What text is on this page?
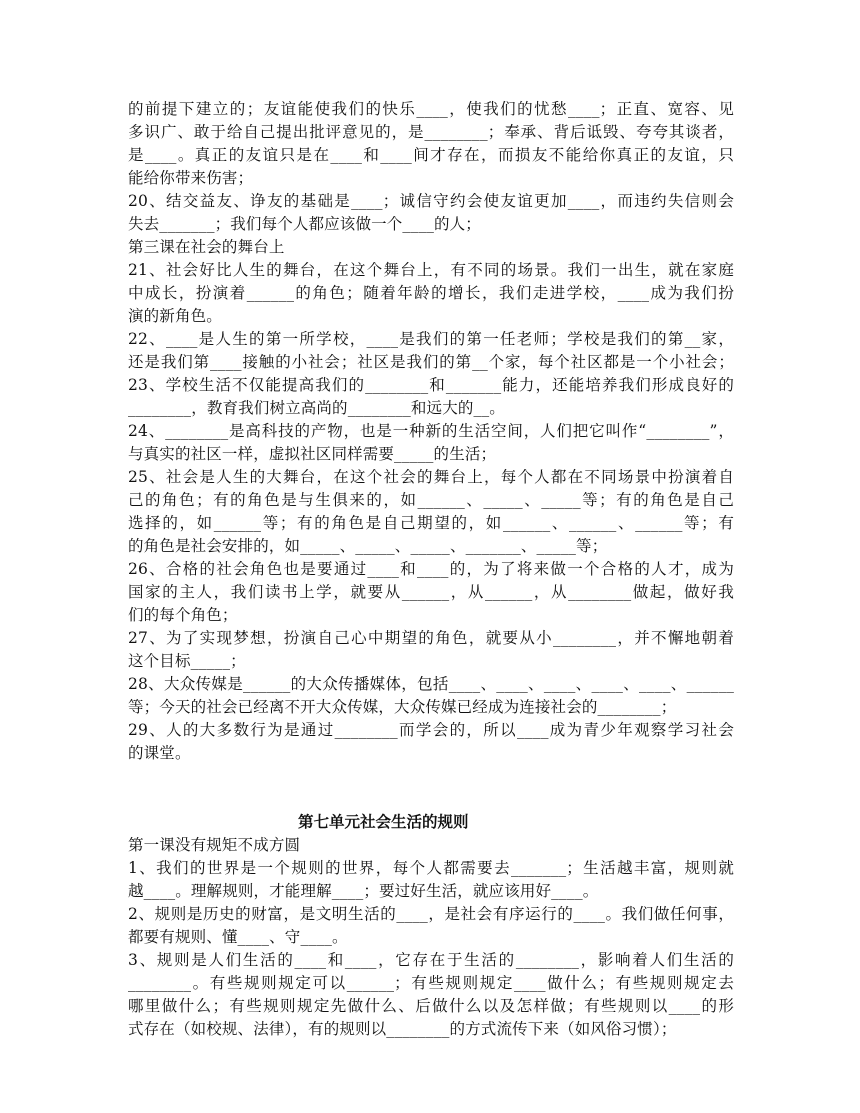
的前提下建立的；友谊能使我们的快乐____，使我们的忧愁____；正直、宽容、见
多识广、敢于给自己提出批评意见的，是________；奉承、背后诋毁、夸夸其谈者，
是____。真正的友谊只是在____和____间才存在，而损友不能给你真正的友谊，只
能给你带来伤害；
20、结交益友、诤友的基础是____；诚信守约会使友谊更加____，而违约失信则会
失去_______；我们每个人都应该做一个____的人；
第三课在社会的舞台上
21、社会好比人生的舞台，在这个舞台上，有不同的场景。我们一出生，就在家庭
中成长，扮演着______的角色；随着年龄的增长，我们走进学校，____成为我们扮
演的新角色。
22、____是人生的第一所学校，____是我们的第一任老师；学校是我们的第__家，
还是我们第____接触的小社会；社区是我们的第__个家，每个社区都是一个小社会；
23、学校生活不仅能提高我们的________和_______能力，还能培养我们形成良好的
________，教育我们树立高尚的________和远大的__。
24、________是高科技的产物，也是一种新的生活空间，人们把它叫作“________”，
与真实的社区一样，虚拟社区同样需要_____的生活；
25、社会是人生的大舞台，在这个社会的舞台上，每个人都在不同场景中扮演着自
己的角色；有的角色是与生俱来的，如______、_____、_____等；有的角色是自己
选择的，如______等；有的角色是自己期望的，如______、______、______等；有
的角色是社会安排的，如_____、_____、_____、_______、_____等；
26、合格的社会角色也是要通过____和____的，为了将来做一个合格的人才，成为
国家的主人，我们读书上学，就要从______，从______，从________做起，做好我
们的每个角色；
27、为了实现梦想，扮演自己心中期望的角色，就要从小________，并不懈地朝着
这个目标_____；
28、大众传媒是______的大众传播媒体，包括____、____、____、____、____、______
等；今天的社会已经离不开大众传媒，大众传媒已经成为连接社会的________；
29、人的大多数行为是通过________而学会的，所以____成为青少年观察学习社会
的课堂。
第七单元社会生活的规则
第一课没有规矩不成方圆
1、我们的世界是一个规则的世界，每个人都需要去_______；生活越丰富，规则就
越____。理解规则，才能理解____；要过好生活，就应该用好____。
2、规则是历史的财富，是文明生活的____，是社会有序运行的____。我们做任何事，
都要有规则、懂____、守____。
3、规则是人们生活的____和____，它存在于生活的________，影响着人们生活的
________。有些规则规定可以______；有些规则规定____做什么；有些规则规定去
哪里做什么；有些规则规定先做什么、后做什么以及怎样做；有些规则以____的形
式存在（如校规、法律），有的规则以________的方式流传下来（如风俗习惯）；
